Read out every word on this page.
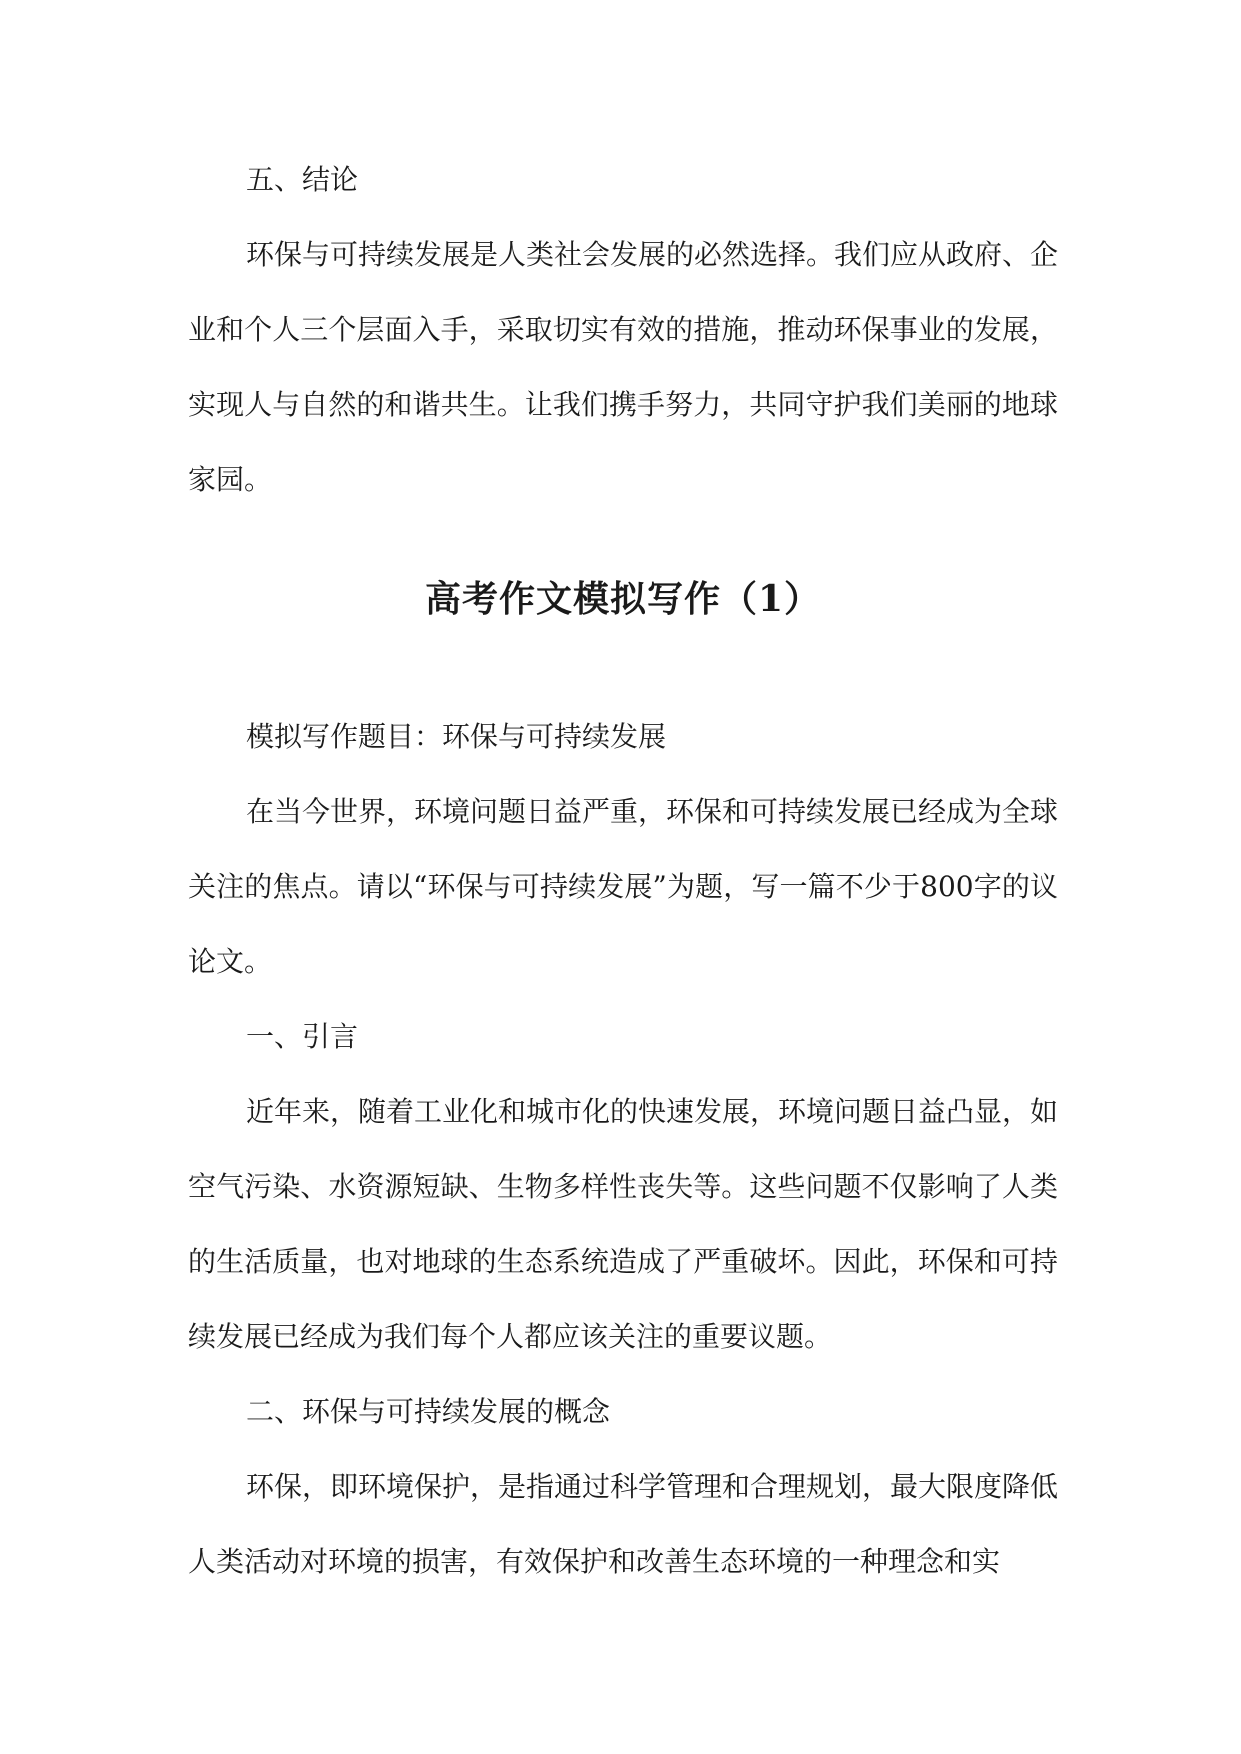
五、结论

环保与可持续发展是人类社会发展的必然选择。我们应从政府、企业和个人三个层面入手，采取切实有效的措施，推动环保事业的发展，实现人与自然的和谐共生。让我们携手努力，共同守护我们美丽的地球家园。

高考作文模拟写作（1）

模拟写作题目：环保与可持续发展

在当今世界，环境问题日益严重，环保和可持续发展已经成为全球关注的焦点。请以“环保与可持续发展”为题，写一篇不少于800字的议论文。

一、引言

近年来，随着工业化和城市化的快速发展，环境问题日益凸显，如空气污染、水资源短缺、生物多样性丧失等。这些问题不仅影响了人类的生活质量，也对地球的生态系统造成了严重破坏。因此，环保和可持续发展已经成为我们每个人都应该关注的重要议题。

二、环保与可持续发展的概念

环保，即环境保护，是指通过科学管理和合理规划，最大限度降低人类活动对环境的损害，有效保护和改善生态环境的一种理念和实
